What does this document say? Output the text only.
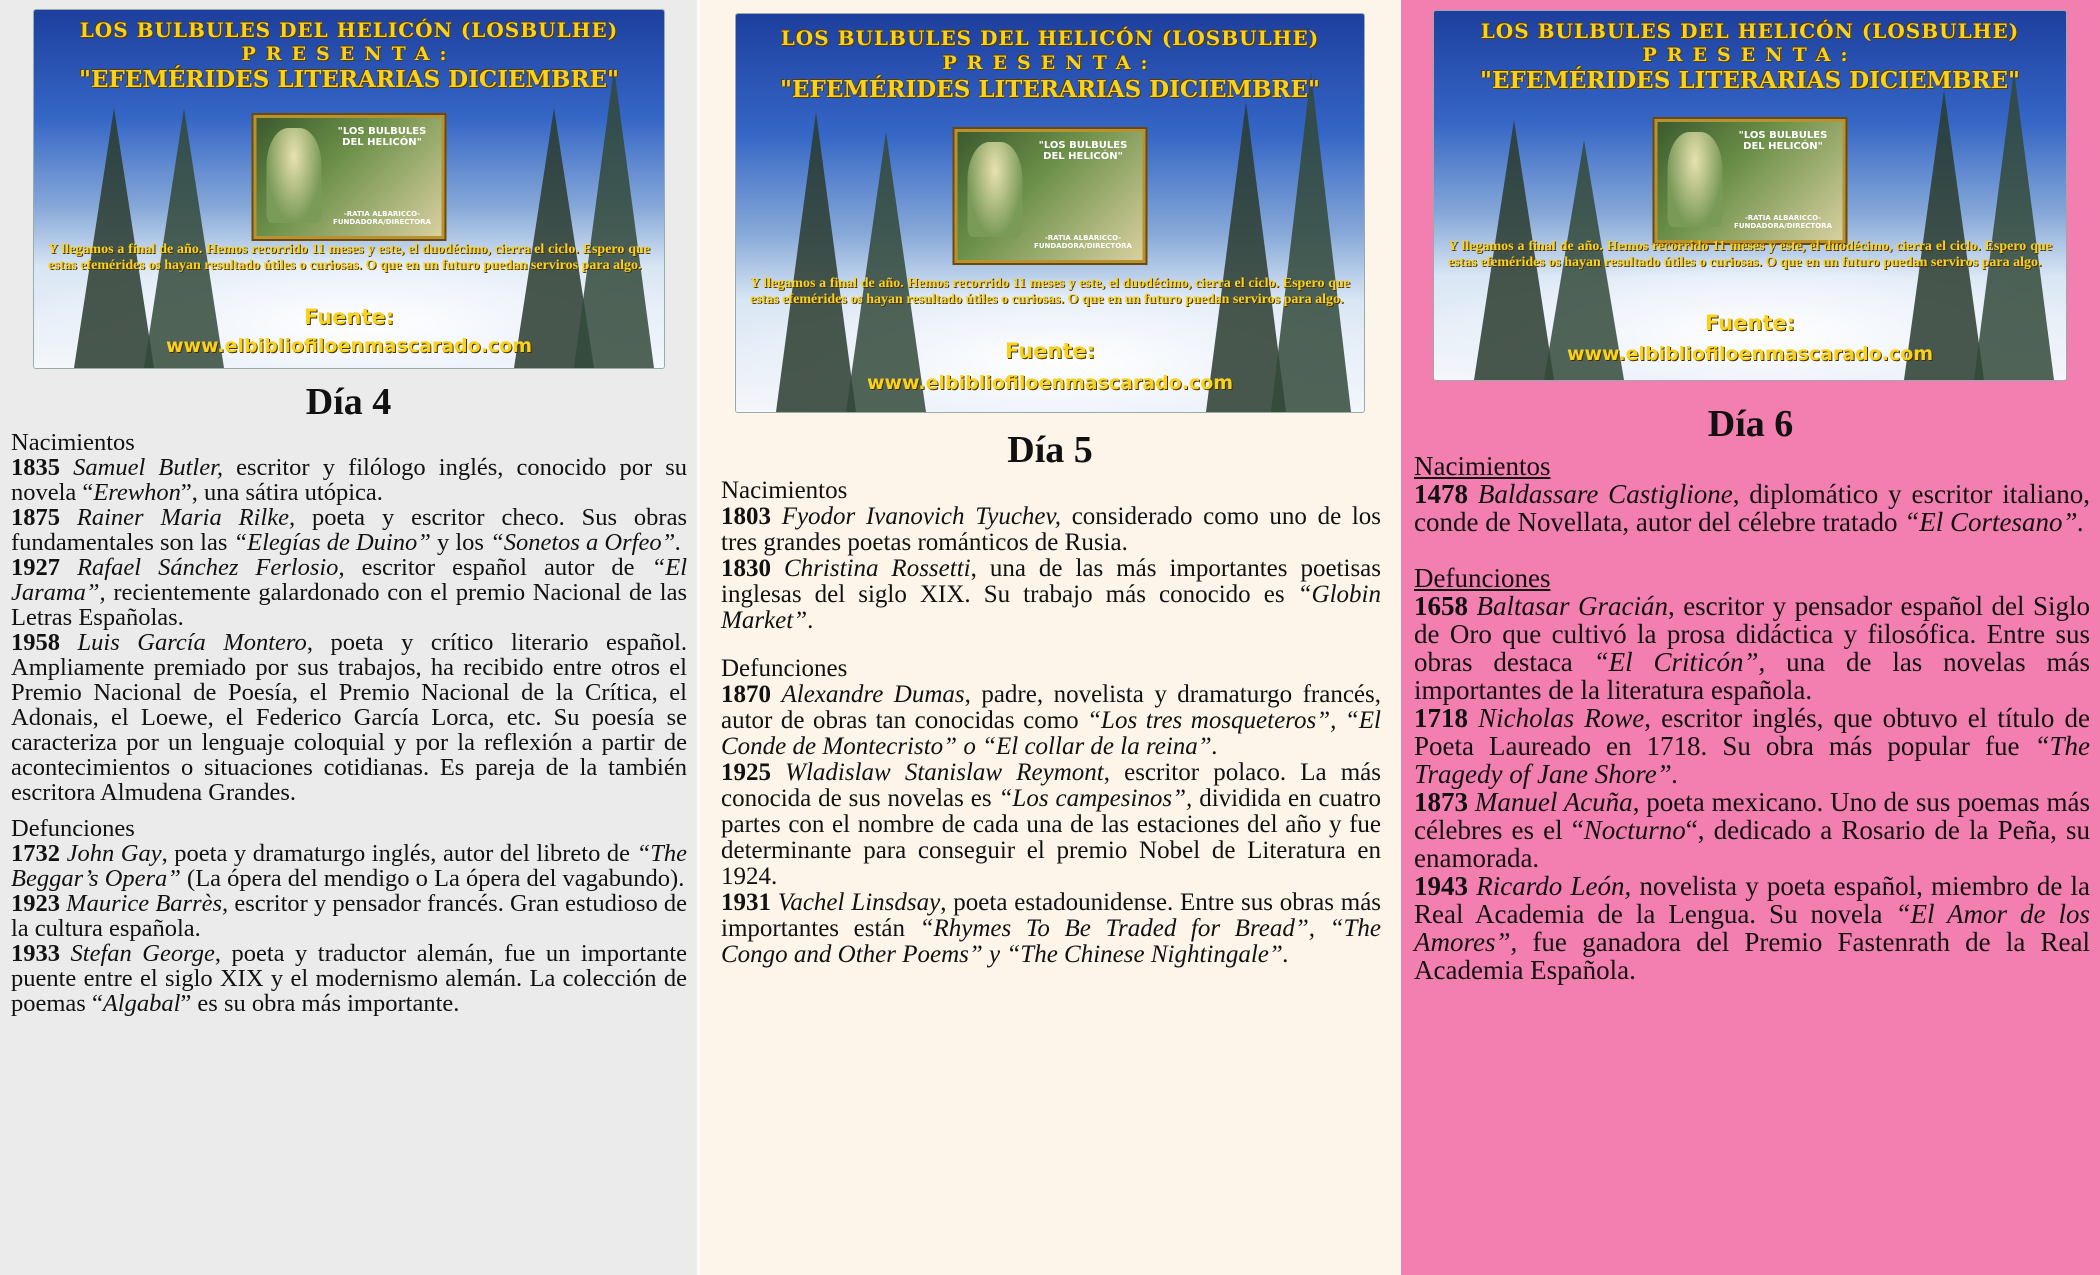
LOS BULBULES DEL HELICÓN (LOSBULHE)
PRESENTA:
"EFEMÉRIDES LITERARIAS DICIEMBRE"
"LOS BULBULES DEL HELICÓN"
-RATIA ALBARICCO-
FUNDADORA/DIRECTORA
Y llegamos a final de año. Hemos recorrido 11 meses y este, el duodécimo, cierra el ciclo. Espero que estas efemérides os hayan resultado útiles o curiosas. O que en un futuro puedan serviros para algo.
Fuente:
www.elbibliofiloenmascarado.com
Día 4

Nacimientos

1835 Samuel Butler, escritor y filólogo inglés, conocido por su novela “Erewhon”, una sátira utópica.

1875 Rainer Maria Rilke, poeta y escritor checo. Sus obras fundamentales son las “Elegías de Duino” y los “Sonetos a Orfeo”.

1927 Rafael Sánchez Ferlosio, escritor español autor de “El Jarama”, recientemente galardonado con el premio Nacional de las Letras Españolas.

1958 Luis García Montero, poeta y crítico literario español. Ampliamente premiado por sus trabajos, ha recibido entre otros el Premio Nacional de Poesía, el Premio Nacional de la Crítica, el Adonais, el Loewe, el Federico García Lorca, etc. Su poesía se caracteriza por un lenguaje coloquial y por la reflexión a partir de acontecimientos o situaciones cotidianas. Es pareja de la también escritora Almudena Grandes.

Defunciones

1732 John Gay, poeta y dramaturgo inglés, autor del libreto de “The Beggar’s Opera” (La ópera del mendigo o La ópera del vagabundo).

1923 Maurice Barrès, escritor y pensador francés. Gran estudioso de la cultura española.

1933 Stefan George, poeta y traductor alemán, fue un importante puente entre el siglo XIX y el modernismo alemán. La colección de poemas “Algabal” es su obra más importante.

LOS BULBULES DEL HELICÓN (LOSBULHE)
PRESENTA:
"EFEMÉRIDES LITERARIAS DICIEMBRE"
"LOS BULBULES DEL HELICÓN"
-RATIA ALBARICCO-
FUNDADORA/DIRECTORA
Y llegamos a final de año. Hemos recorrido 11 meses y este, el duodécimo, cierra el ciclo. Espero que estas efemérides os hayan resultado útiles o curiosas. O que en un futuro puedan serviros para algo.
Fuente:
www.elbibliofiloenmascarado.com
Día 5

Nacimientos

1803 Fyodor Ivanovich Tyuchev, considerado como uno de los tres grandes poetas románticos de Rusia.

1830 Christina Rossetti, una de las más importantes poetisas inglesas del siglo XIX. Su trabajo más conocido es “Globin Market”.

Defunciones

1870 Alexandre Dumas, padre, novelista y dramaturgo francés, autor de obras tan conocidas como “Los tres mosqueteros”, “El Conde de Montecristo” o “El collar de la reina”.

1925 Wladislaw Stanislaw Reymont, escritor polaco. La más conocida de sus novelas es “Los campesinos”, dividida en cuatro partes con el nombre de cada una de las estaciones del año y fue determinante para conseguir el premio Nobel de Literatura en 1924.

1931 Vachel Linsdsay, poeta estadounidense. Entre sus obras más importantes están “Rhymes To Be Traded for Bread”, “The Congo and Other Poems” y “The Chinese Nightingale”.

LOS BULBULES DEL HELICÓN (LOSBULHE)
PRESENTA:
"EFEMÉRIDES LITERARIAS DICIEMBRE"
"LOS BULBULES DEL HELICÓN"
-RATIA ALBARICCO-
FUNDADORA/DIRECTORA
Y llegamos a final de año. Hemos recorrido 11 meses y este, el duodécimo, cierra el ciclo. Espero que estas efemérides os hayan resultado útiles o curiosas. O que en un futuro puedan serviros para algo.
Fuente:
www.elbibliofiloenmascarado.com
Día 6

Nacimientos

1478 Baldassare Castiglione, diplomático y escritor italiano, conde de Novellata, autor del célebre tratado “El Cortesano”.

Defunciones

1658 Baltasar Gracián, escritor y pensador español del Siglo de Oro que cultivó la prosa didáctica y filosófica. Entre sus obras destaca “El Criticón”, una de las novelas más importantes de la literatura española.

1718 Nicholas Rowe, escritor inglés, que obtuvo el título de Poeta Laureado en 1718. Su obra más popular fue “The Tragedy of Jane Shore”.

1873 Manuel Acuña, poeta mexicano. Uno de sus poemas más célebres es el “Nocturno“, dedicado a Rosario de la Peña, su enamorada.

1943 Ricardo León, novelista y poeta español, miembro de la Real Academia de la Lengua. Su novela “El Amor de los Amores”, fue ganadora del Premio Fastenrath de la Real Academia Española.
